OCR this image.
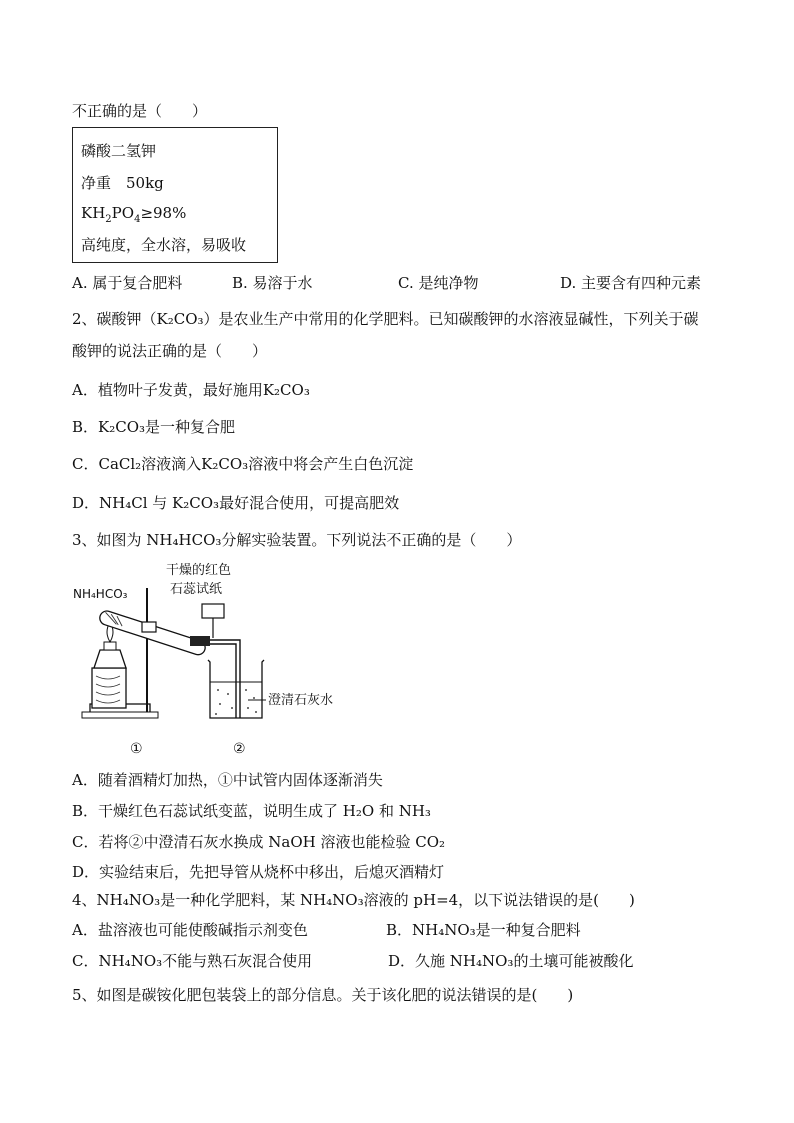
不正确的是（　　）
磷酸二氢钾
净重　50kg
$KH_2PO_4\ge 98\%$
高纯度，全水溶，易吸收
A. 属于复合肥料	B. 易溶于水	C. 是纯净物	D. 主要含有四种元素
2、碳酸钾（K₂CO₃）是农业生产中常用的化学肥料。已知碳酸钾的水溶液显碱性，下列关于碳
酸钾的说法正确的是（　　）
A．植物叶子发黄，最好施用K₂CO₃
B．K₂CO₃是一种复合肥
C．CaCl₂溶液滴入K₂CO₃溶液中将会产生白色沉淀
D．NH₄Cl 与 K₂CO₃最好混合使用，可提高肥效
3、如图为 NH₄HCO₃分解实验装置。下列说法不正确的是（　　）
NH₄HCO₃
干燥的红色
石蕊试纸
澄清石灰水
①	②
A．随着酒精灯加热，①中试管内固体逐渐消失
B．干燥红色石蕊试纸变蓝，说明生成了 H₂O 和 NH₃
C．若将②中澄清石灰水换成 NaOH 溶液也能检验 CO₂
D．实验结束后，先把导管从烧杯中移出，后熄灭酒精灯
4、NH₄NO₃是一种化学肥料，某 NH₄NO₃溶液的 pH=4，以下说法错误的是(　　)
A．盐溶液也可能使酸碱指示剂变色	B．NH₄NO₃是一种复合肥料
C．NH₄NO₃不能与熟石灰混合使用	D．久施 NH₄NO₃的土壤可能被酸化
5、如图是碳铵化肥包装袋上的部分信息。关于该化肥的说法错误的是(　　)
